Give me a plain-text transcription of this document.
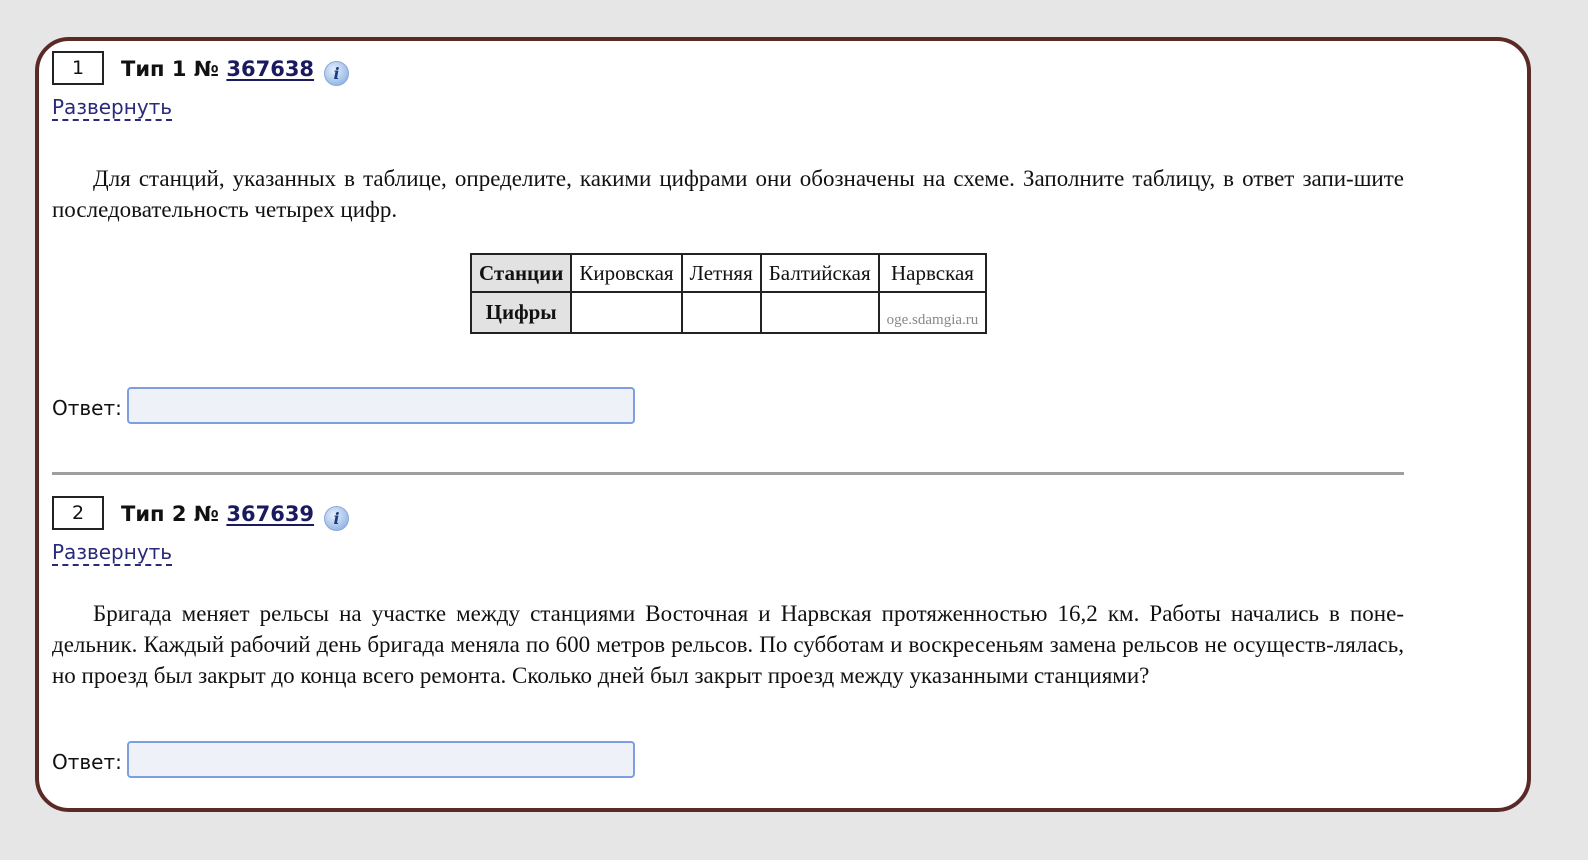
1	Тип 1 № 367638 i
Развернуть
Для станций, указанных в таблице, определите, какими цифрами они обозначены на схеме. Заполните таблицу, в ответ запи-шите последовательность четырех цифр.
Станции	Кировская	Летняя	Балтийская	Нарвская
Цифры				oge.sdamgia.ru
Ответ:
2	Тип 2 № 367639 i
Развернуть
Бригада меняет рельсы на участке между станциями Восточная и Нарвская протяженностью 16,2 км. Работы начались в поне-дельник. Каждый рабочий день бригада меняла по 600 метров рельсов. По субботам и воскресеньям замена рельсов не осуществ-лялась, но проезд был закрыт до конца всего ремонта. Сколько дней был закрыт проезд между указанными станциями?
Ответ:
